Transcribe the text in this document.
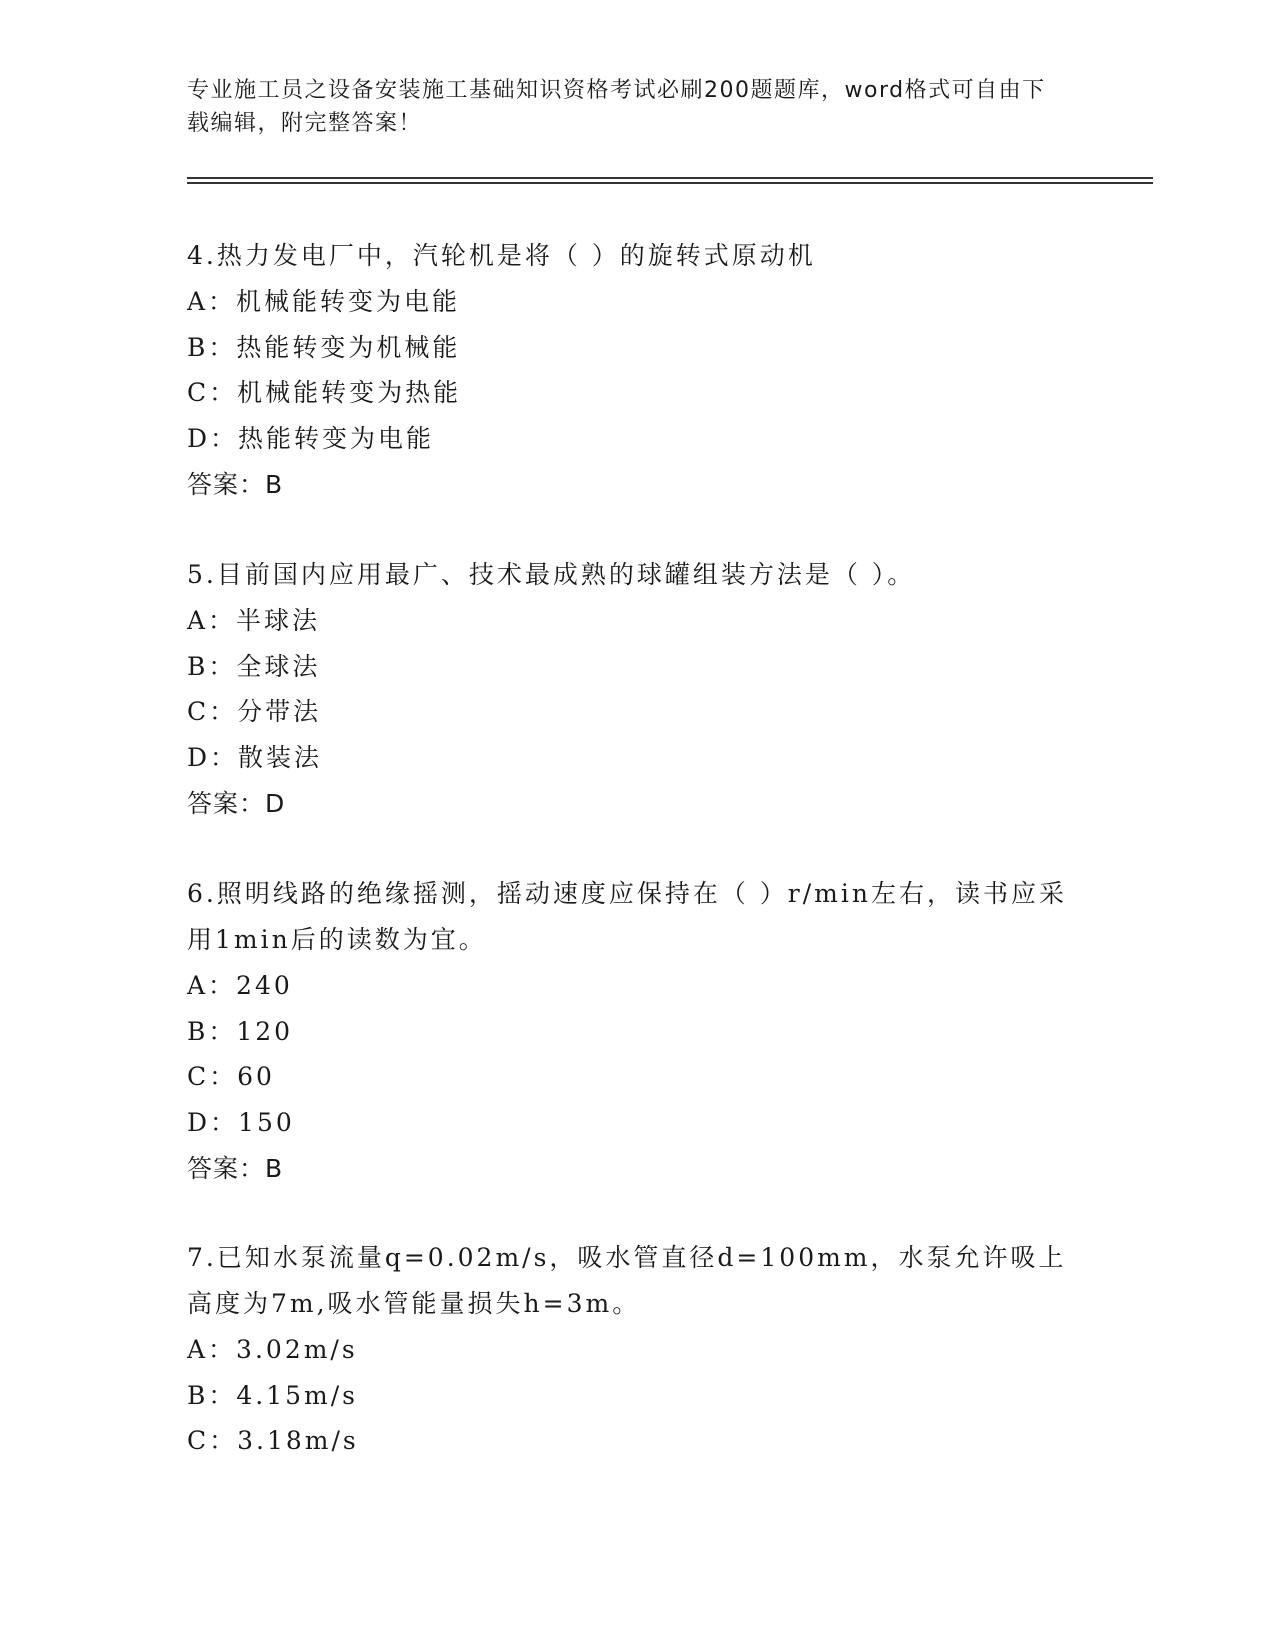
专业施工员之设备安装施工基础知识资格考试必刷200题题库，word格式可自由下载编辑，附完整答案！

4.热力发电厂中，汽轮机是将（ ）的旋转式原动机

A：机械能转变为电能

B：热能转变为机械能

C：机械能转变为热能

D：热能转变为电能

答案：B

5.目前国内应用最广、技术最成熟的球罐组装方法是（ ）。

A：半球法

B：全球法

C：分带法

D：散装法

答案：D

6.照明线路的绝缘摇测，摇动速度应保持在（ ）r/min左右，读书应采用1min后的读数为宜。

A：240

B：120

C：60

D：150

答案：B

7.已知水泵流量q=0.02m/s，吸水管直径d=100mm，水泵允许吸上高度为7m,吸水管能量损失h=3m。

A：3.02m/s

B：4.15m/s

C：3.18m/s
